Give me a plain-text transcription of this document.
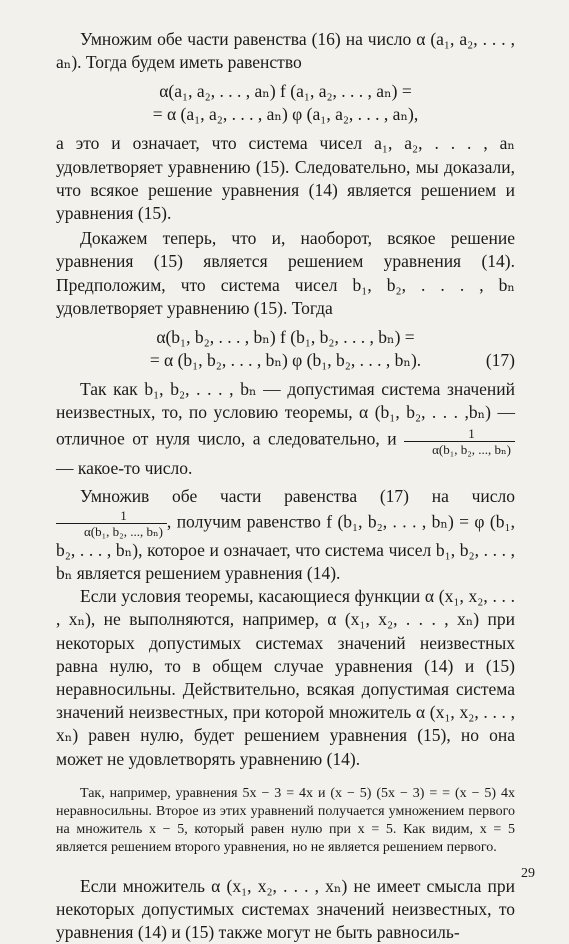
Умножим обе части равенства (16) на число α (a₁, a₂, . . . , aₙ). Тогда будем иметь равенство

α(a₁, a₂, . . . , aₙ) f (a₁, a₂, . . . , aₙ) =
= α (a₁, a₂, . . . , aₙ) φ (a₁, a₂, . . . , aₙ),

а это и означает, что система чисел a₁, a₂, . . . , aₙ удовлетворяет уравнению (15). Следовательно, мы доказали, что всякое решение уравнения (14) является решением и уравнения (15).

Докажем теперь, что и, наоборот, всякое решение уравнения (15) является решением уравнения (14). Предположим, что система чисел b₁, b₂, . . . , bₙ удовлетворяет уравнению (15). Тогда

α(b₁, b₂, . . . , bₙ) f (b₁, b₂, . . . , bₙ) =
= α (b₁, b₂, . . . , bₙ) φ (b₁, b₂, . . . , bₙ).	(17)

Так как b₁, b₂, . . . , bₙ — допустимая система значений неизвестных, то, по условию теоремы, α (b₁, b₂, . . . ,bₙ) — отличное от нуля число, а следовательно, и $\frac{1}{\text{α(b₁, b₂, ..., bₙ)}}$
— какое-то число.

Умножив обе части равенства (17) на число
$\frac{1}{\text{α(b₁, b₂, ..., bₙ)}}$ , получим равенство f (b₁, b₂, . . . , bₙ) = φ (b₁, b₂, . . . , bₙ), которое и означает, что система чисел b₁, b₂, . . . , bₙ является решением уравнения (14).

Если условия теоремы, касающиеся функции α (x₁, x₂, . . . , xₙ), не выполняются, например, α (x₁, x₂, . . . , xₙ) при некоторых допустимых системах значений неизвестных равна нулю, то в общем случае уравнения (14) и (15) неравносильны. Действительно, всякая допустимая система значений неизвестных, при которой множитель α (x₁, x₂, . . . , xₙ) равен нулю, будет решением уравнения (15), но она может не удовлетворять уравнению (14).

Так, например, уравнения 5x − 3 = 4x и (x − 5) (5x − 3) = = (x − 5) 4x неравносильны. Второе из этих уравнений получается умножением первого на множитель x − 5, который равен нулю при x = 5. Как видим, x = 5 является решением второго уравнения, но не является решением первого.

Если множитель α (x₁, x₂, . . . , xₙ) не имеет смысла при некоторых допустимых системах значений неизвестных, то уравнения (14) и (15) также могут не быть равносиль-

29
